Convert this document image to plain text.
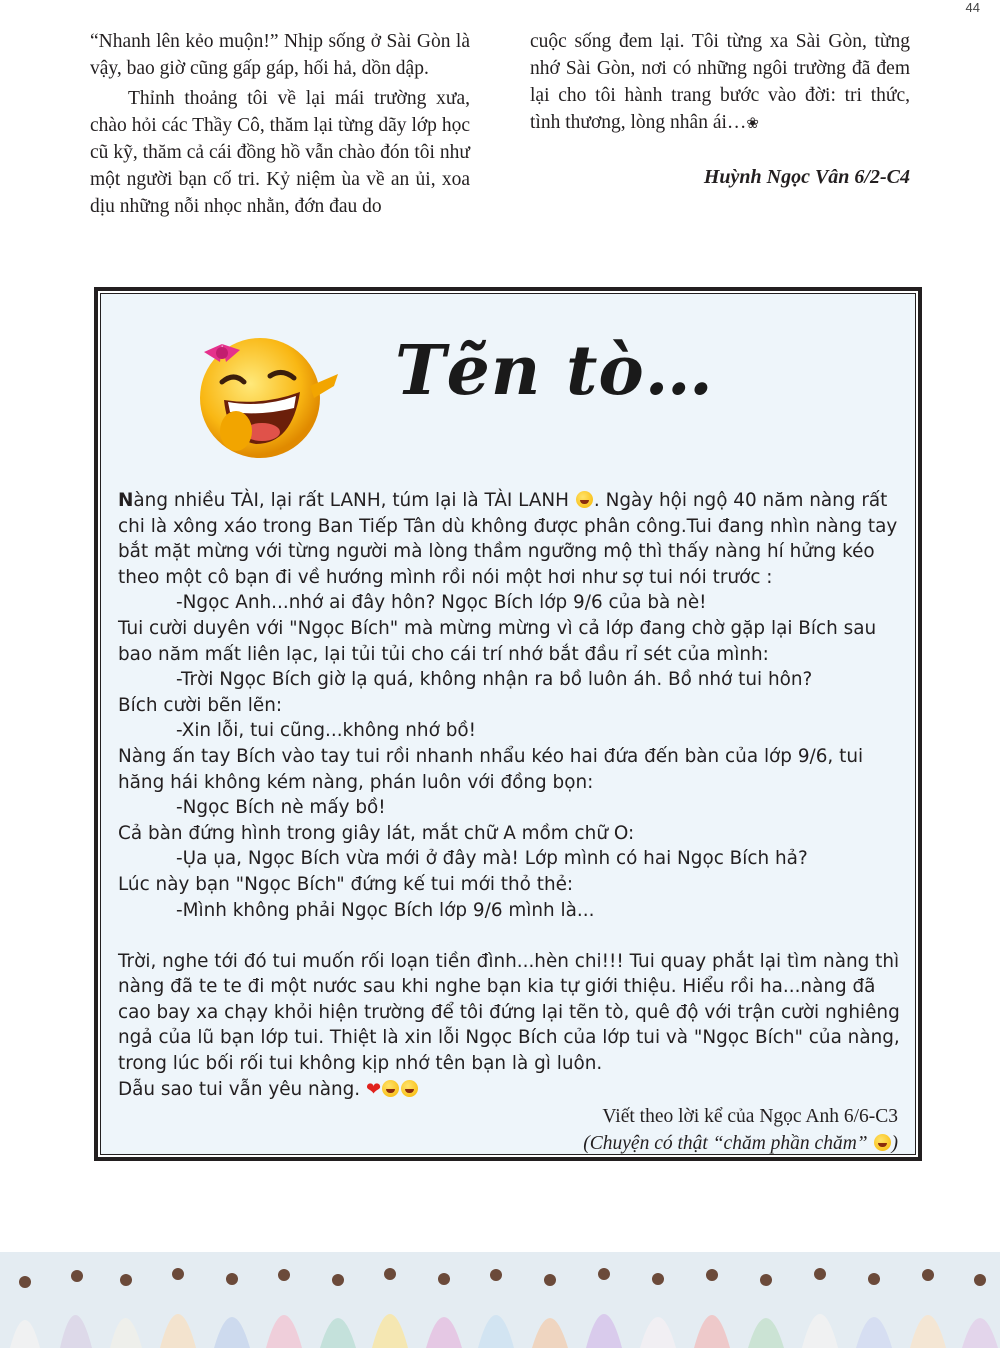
44

“Nhanh lên kẻo muộn!” Nhịp sống ở Sài Gòn là vậy, bao giờ cũng gấp gáp, hối hả, dồn dập.

Thỉnh thoảng tôi về lại mái trường xưa, chào hỏi các Thầy Cô, thăm lại từng dãy lớp học cũ kỹ, thăm cả cái đồng hồ vẫn chào đón tôi như một người bạn cố tri. Kỷ niệm ùa về an ủi, xoa dịu những nỗi nhọc nhằn, đớn đau do

cuộc sống đem lại. Tôi từng xa Sài Gòn, từng nhớ Sài Gòn, nơi có những ngôi trường đã đem lại cho tôi hành trang bước vào đời: tri thức, tình thương, lòng nhân ái…❀

Huỳnh Ngọc Vân 6/2-C4

Tẽn tò…

Nàng nhiều TÀI, lại rất LANH, túm lại là TÀI LANH . Ngày hội ngộ 40 năm nàng rất chi là xông xáo trong Ban Tiếp Tân dù không được phân công.Tui đang nhìn nàng tay bắt mặt mừng với từng người mà lòng thầm ngưỡng mộ thì thấy nàng hí hửng kéo theo một cô bạn đi về hướng mình rồi nói một hơi như sợ tui nói trước :

-Ngọc Anh...nhớ ai đây hôn? Ngọc Bích lớp 9/6 của bà nè!

Tui cười duyên với "Ngọc Bích" mà mừng mừng vì cả lớp đang chờ gặp lại Bích sau bao năm mất liên lạc, lại tủi tủi cho cái trí nhớ bắt đầu rỉ sét của mình:

-Trời Ngọc Bích giờ lạ quá, không nhận ra bồ luôn áh. Bồ nhớ tui hôn?

Bích cười bẽn lẽn:

-Xin lỗi, tui cũng...không nhớ bồ!

Nàng ấn tay Bích vào tay tui rồi nhanh nhẩu kéo hai đứa đến bàn của lớp 9/6, tui hăng hái không kém nàng, phán luôn với đồng bọn:

-Ngọc Bích nè mấy bồ!

Cả bàn đứng hình trong giây lát, mắt chữ A mồm chữ O:

-Ụa ụa, Ngọc Bích vừa mới ở đây mà! Lớp mình có hai Ngọc Bích hả?

Lúc này bạn "Ngọc Bích" đứng kế tui mới thỏ thẻ:

-Mình không phải Ngọc Bích lớp 9/6 mình là...

Trời, nghe tới đó tui muốn rối loạn tiền đình...hèn chi!!! Tui quay phắt lại tìm nàng thì nàng đã te te đi một nước sau khi nghe bạn kia tự giới thiệu. Hiểu rồi ha...nàng đã cao bay xa chạy khỏi hiện trường để tôi đứng lại tẽn tò, quê độ với trận cười nghiêng ngả của lũ bạn lớp tui. Thiệt là xin lỗi Ngọc Bích của lớp tui và "Ngọc Bích" của nàng, trong lúc bối rối tui không kịp nhớ tên bạn là gì luôn.

Dẫu sao tui vẫn yêu nàng. ❤

Viết theo lời kể của Ngọc Anh 6/6-C3
(Chuyện có thật “chăm phần chăm” )
